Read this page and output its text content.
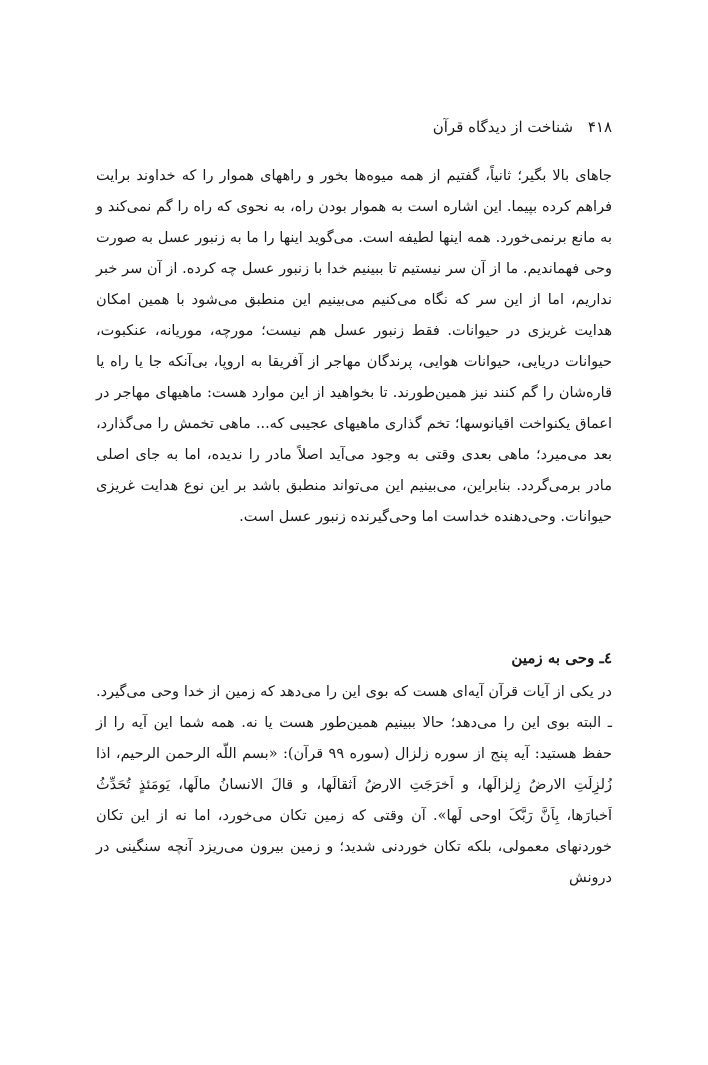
۴۱۸ شناخت از دیدگاه قرآن

جاهای بالا بگیر؛ ثانیاً، گفتیم از همه میوه‌ها بخور و راههای هموار را که خداوند برایت فراهم کرده بپیما. این اشاره است به هموار بودن راه، به نحوی که راه را گم نمی‌کند و به مانع برنمی‌خورد. همه اینها لطیفه است. می‌گوید اینها را ما به زنبور عسل به صورت وحی فهماندیم. ما از آن سر نیستیم تا ببینیم خدا با زنبور عسل چه کرده. از آن سر خبر نداریم، اما از این سر که نگاه می‌کنیم می‌بینیم این منطبق می‌شود با همین امکان هدایت غریزی در حیوانات. فقط زنبور عسل هم نیست؛ مورچه، موریانه، عنکبوت، حیوانات دریایی، حیوانات هوایی، پرندگان مهاجر از آفریقا به اروپا، بی‌آنکه جا یا راه یا قاره‌شان را گم کنند نیز همین‌طورند. تا بخواهید از این موارد هست: ماهیهای مهاجر در اعماق یکنواخت اقیانوسها؛ تخم گذاری ماهیهای عجیبی که... ماهی تخمش را می‌گذارد، بعد می‌میرد؛ ماهی بعدی وقتی به وجود می‌آید اصلاً مادر را ندیده، اما به جای اصلی مادر برمی‌گردد. بنابراین، می‌بینیم این می‌تواند منطبق باشد بر این نوع هدایت غریزی حیوانات. وحی‌دهنده خداست اما وحی‌گیرنده زنبور عسل است.

٤ـ وحی به زمین

در یکی از آیات قرآن آیه‌ای هست که بوی این را می‌دهد که زمین از خدا وحی می‌گیرد. ـ البته بوی این را می‌دهد؛ حالا ببینیم همین‌طور هست یا نه. همه شما این آیه را از حفظ هستید: آیه پنج از سوره زلزال (سوره ۹۹ قرآن): «بسم اللّه الرحمن الرحیم، اذا زُلزِلَتِ الارضُ زِلزالَها، و اَخرَجَتِ الارضُ اَثقالَها، و قالَ الانسانُ مالَها، یَومَئذٍ تُحَدِّثُ اَخبارَها، بِاَنَّ رَبَّکَ اوحی لَها». آن وقتی که زمین تکان می‌خورد، اما نه از این تکان خوردنهای معمولی، بلکه تکان خوردنی شدید؛ و زمین بیرون می‌ریزد آنچه سنگینی در درونش
